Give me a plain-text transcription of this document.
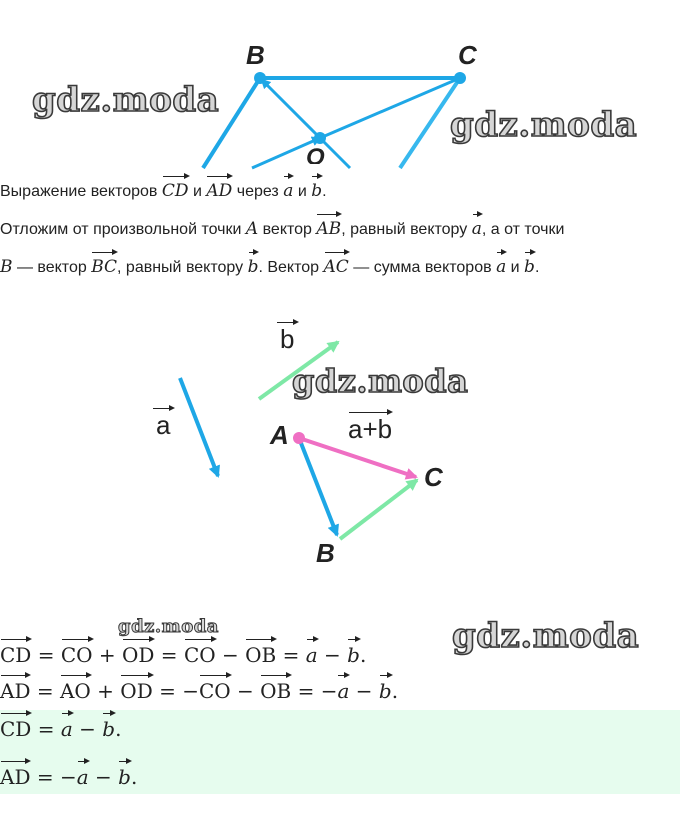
B	C
O
gdz.moda
gdz.moda
Выражение векторов CD и AD через a и b.
Отложим от произвольной точки A вектор AB, равный вектору a, а от точки
B — вектор BC, равный вектору b. Вектор AC — сумма векторов a и b.
b
a	a+b
A
C
B
gdz.moda
gdz.moda	gdz.moda
CD = CO + OD = CO − OB = a − b.
AD = AO + OD = −CO − OB = −a − b.
CD = a − b.
AD = −a − b.
